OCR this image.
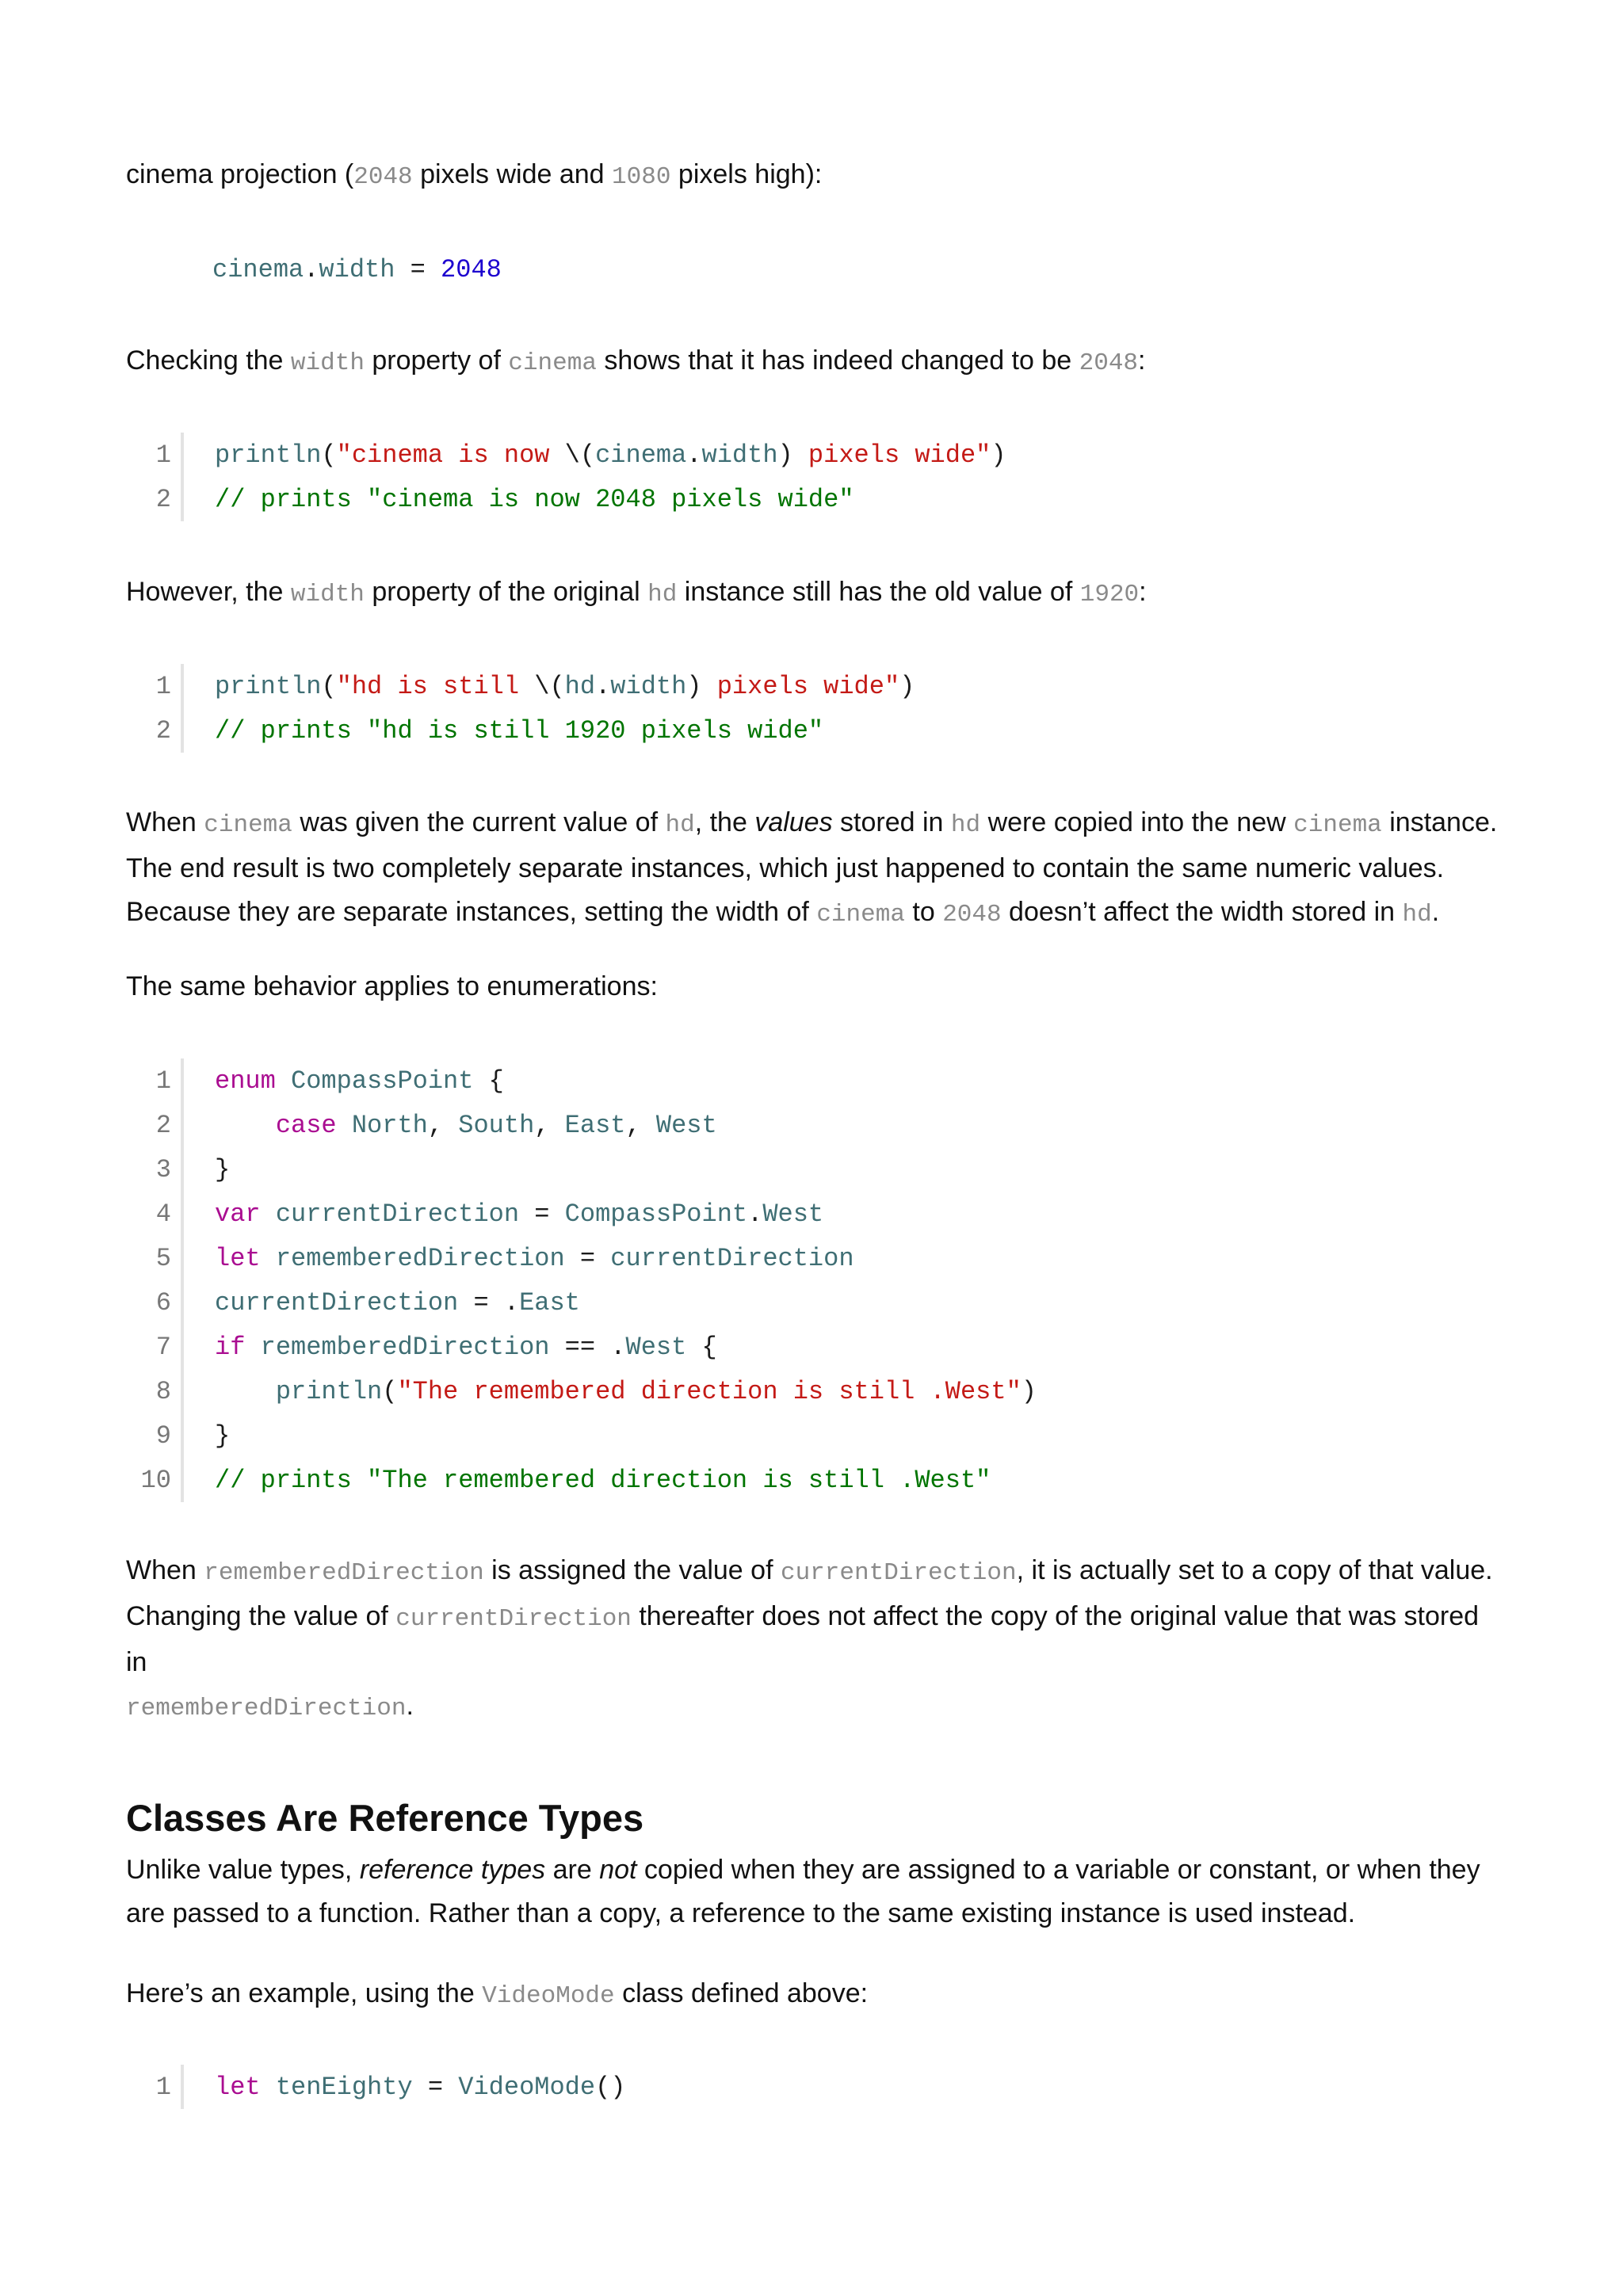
cinema projection (2048 pixels wide and 1080 pixels high):

cinema.width = 2048

Checking the width property of cinema shows that it has indeed changed to be 2048:

1 println("cinema is now \(cinema.width) pixels wide")
2 // prints "cinema is now 2048 pixels wide"

However, the width property of the original hd instance still has the old value of 1920:

1 println("hd is still \(hd.width) pixels wide")
2 // prints "hd is still 1920 pixels wide"
When cinema was given the current value of hd, the values stored in hd were copied into the new cinema instance.
The end result is two completely separate instances, which just happened to contain the same numeric values.
Because they are separate instances, setting the width of cinema to 2048 doesn’t affect the width stored in hd.

The same behavior applies to enumerations:

1 enum CompassPoint {
2	case North, South, East, West
3 }
4 var currentDirection = CompassPoint.West
5 let rememberedDirection = currentDirection
6 currentDirection = .East
7 if rememberedDirection == .West {
8	println("The remembered direction is still .West")
9 }
10 // prints "The remembered direction is still .West"
When rememberedDirection is assigned the value of currentDirection, it is actually set to a copy of that value.
Changing the value of currentDirection thereafter does not affect the copy of the original value that was stored in
rememberedDirection.
Classes Are Reference Types
Unlike value types, reference types are not copied when they are assigned to a variable or constant, or when they
are passed to a function. Rather than a copy, a reference to the same existing instance is used instead.

Here’s an example, using the VideoMode class defined above:

1 let tenEighty = VideoMode()
